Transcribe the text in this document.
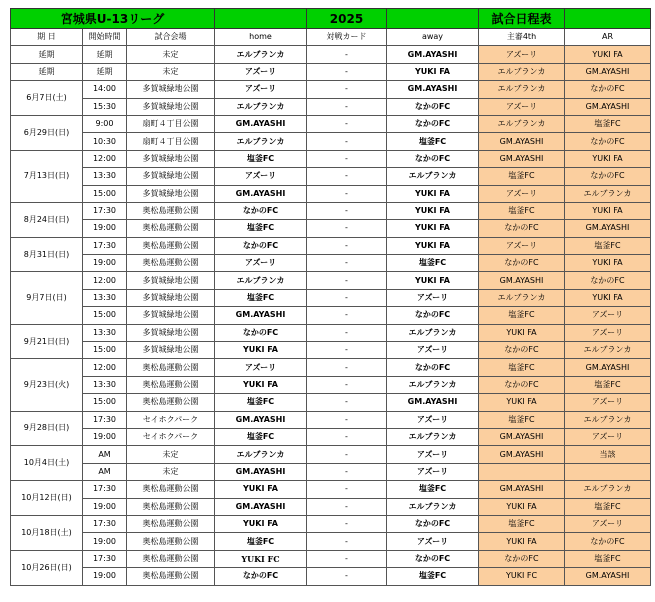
宮城県U-13リーグ				2025		試合日程表	
期 日	開始時間	試合会場	home	対戦カード	away	主審4th	AR
延期	延期	未定	エルブランカ	-	GM.AYASHI	アズーリ	YUKI FA
延期	延期	未定	アズーリ	-	YUKI FA	エルブランカ	GM.AYASHI
6月7日(土)	14:00	多賀城緑地公園	アズーリ	-	GM.AYASHI	エルブランカ	なかのFC
	15:30	多賀城緑地公園	エルブランカ	-	なかのFC	アズーリ	GM.AYASHI
6月29日(日)	9:00	扇町４丁目公園	GM.AYASHI	-	なかのFC	エルブランカ	塩釜FC
	10:30	扇町４丁目公園	エルブランカ	-	塩釜FC	GM.AYASHI	なかのFC
7月13日(日)	12:00	多賀城緑地公園	塩釜FC	-	なかのFC	GM.AYASHI	YUKI FA
	13:30	多賀城緑地公園	アズーリ	-	エルブランカ	塩釜FC	なかのFC
	15:00	多賀城緑地公園	GM.AYASHI	-	YUKI FA	アズーリ	エルブランカ
8月24日(日)	17:30	奥松島運動公園	なかのFC	-	YUKI FA	塩釜FC	YUKI FA
	19:00	奥松島運動公園	塩釜FC	-	YUKI FA	なかのFC	GM.AYASHI
8月31日(日)	17:30	奥松島運動公園	なかのFC	-	YUKI FA	アズーリ	塩釜FC
	19:00	奥松島運動公園	アズーリ	-	塩釜FC	なかのFC	YUKI FA
9月7日(日)	12:00	多賀城緑地公園	エルブランカ	-	YUKI FA	GM.AYASHI	なかのFC
	13:30	多賀城緑地公園	塩釜FC	-	アズーリ	エルブランカ	YUKI FA
	15:00	多賀城緑地公園	GM.AYASHI	-	なかのFC	塩釜FC	アズーリ
9月21日(日)	13:30	多賀城緑地公園	なかのFC	-	エルブランカ	YUKI FA	アズーリ
	15:00	多賀城緑地公園	YUKI FA	-	アズーリ	なかのFC	エルブランカ
9月23日(火)	12:00	奥松島運動公園	アズーリ	-	なかのFC	塩釜FC	GM.AYASHI
	13:30	奥松島運動公園	YUKI FA	-	エルブランカ	なかのFC	塩釜FC
	15:00	奥松島運動公園	塩釜FC	-	GM.AYASHI	YUKI FA	アズーリ
9月28日(日)	17:30	セイホクパーク	GM.AYASHI	-	アズーリ	塩釜FC	エルブランカ
	19:00	セイホクパーク	塩釜FC	-	エルブランカ	GM.AYASHI	アズーリ
10月4日(土)	AM	未定	エルブランカ	-	アズーリ	GM.AYASHI	当該
	AM	未定	GM.AYASHI	-	アズーリ		
10月12日(日)	17:30	奥松島運動公園	YUKI FA	-	塩釜FC	GM.AYASHI	エルブランカ
	19:00	奥松島運動公園	GM.AYASHI	-	エルブランカ	YUKI FA	塩釜FC
10月18日(土)	17:30	奥松島運動公園	YUKI FA	-	なかのFC	塩釜FC	アズーリ
	19:00	奥松島運動公園	塩釜FC	-	アズーリ	YUKI FA	なかのFC
10月26日(日)	17:30	奥松島運動公園	YUKI FC	-	なかのFC	なかのFC	塩釜FC
	19:00	奥松島運動公園	なかのFC	-	塩釜FC	YUKI FC	GM.AYASHI
